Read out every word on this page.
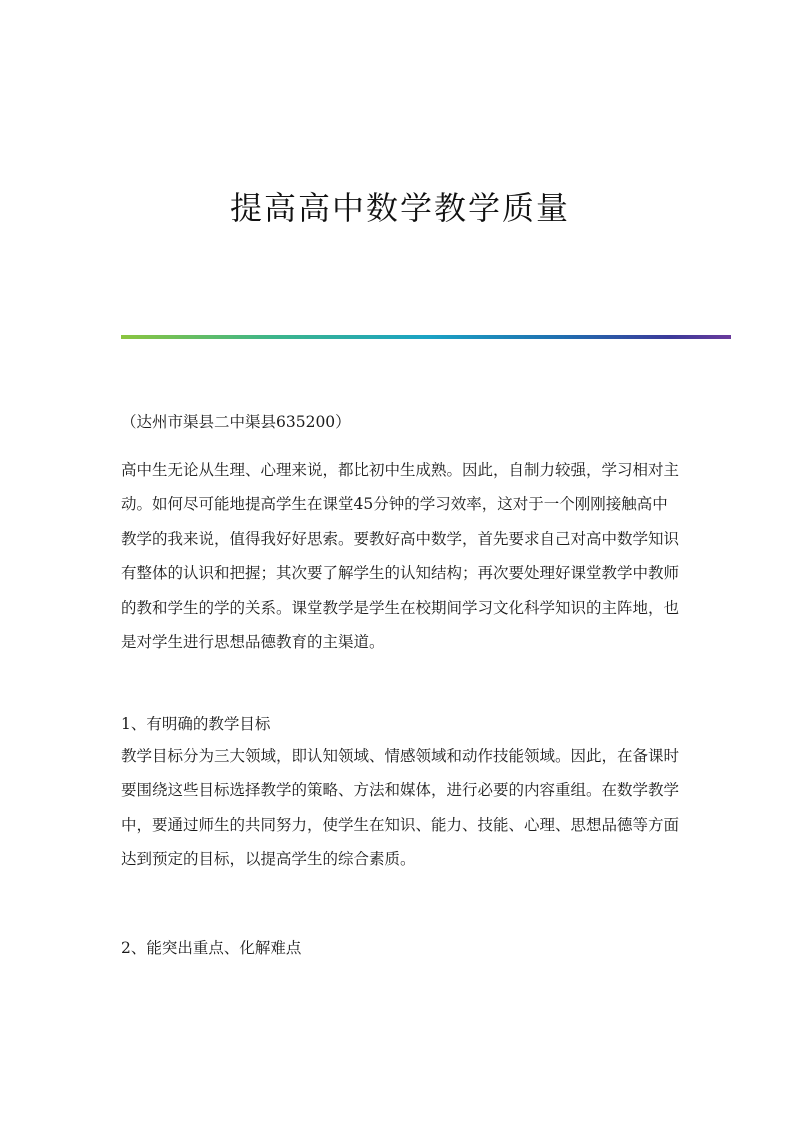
提高高中数学教学质量
（达州市渠县二中渠县635200）
高中生无论从生理、心理来说，都比初中生成熟。因此，自制力较强，学习相对主动。如何尽可能地提高学生在课堂45分钟的学习效率，这对于一个刚刚接触高中教学的我来说，值得我好好思索。要教好高中数学，首先要求自己对高中数学知识有整体的认识和把握；其次要了解学生的认知结构；再次要处理好课堂教学中教师的教和学生的学的关系。课堂教学是学生在校期间学习文化科学知识的主阵地，也是对学生进行思想品德教育的主渠道。
1、有明确的教学目标
教学目标分为三大领域，即认知领域、情感领域和动作技能领域。因此，在备课时要围绕这些目标选择教学的策略、方法和媒体，进行必要的内容重组。在数学教学中，要通过师生的共同努力，使学生在知识、能力、技能、心理、思想品德等方面达到预定的目标，以提高学生的综合素质。
2、能突出重点、化解难点
